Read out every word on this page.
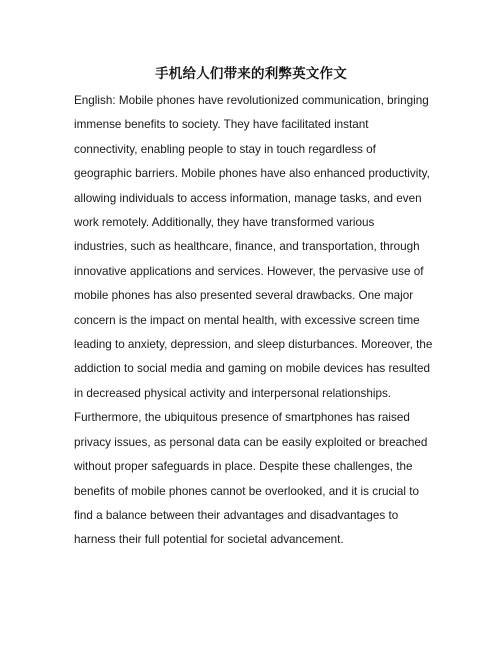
手机给人们带来的利弊英文作文
English: Mobile phones have revolutionized communication, bringing
immense benefits to society. They have facilitated instant
connectivity, enabling people to stay in touch regardless of
geographic barriers. Mobile phones have also enhanced productivity,
allowing individuals to access information, manage tasks, and even
work remotely. Additionally, they have transformed various
industries, such as healthcare, finance, and transportation, through
innovative applications and services. However, the pervasive use of
mobile phones has also presented several drawbacks. One major
concern is the impact on mental health, with excessive screen time
leading to anxiety, depression, and sleep disturbances. Moreover, the
addiction to social media and gaming on mobile devices has resulted
in decreased physical activity and interpersonal relationships.
Furthermore, the ubiquitous presence of smartphones has raised
privacy issues, as personal data can be easily exploited or breached
without proper safeguards in place. Despite these challenges, the
benefits of mobile phones cannot be overlooked, and it is crucial to
find a balance between their advantages and disadvantages to
harness their full potential for societal advancement.
